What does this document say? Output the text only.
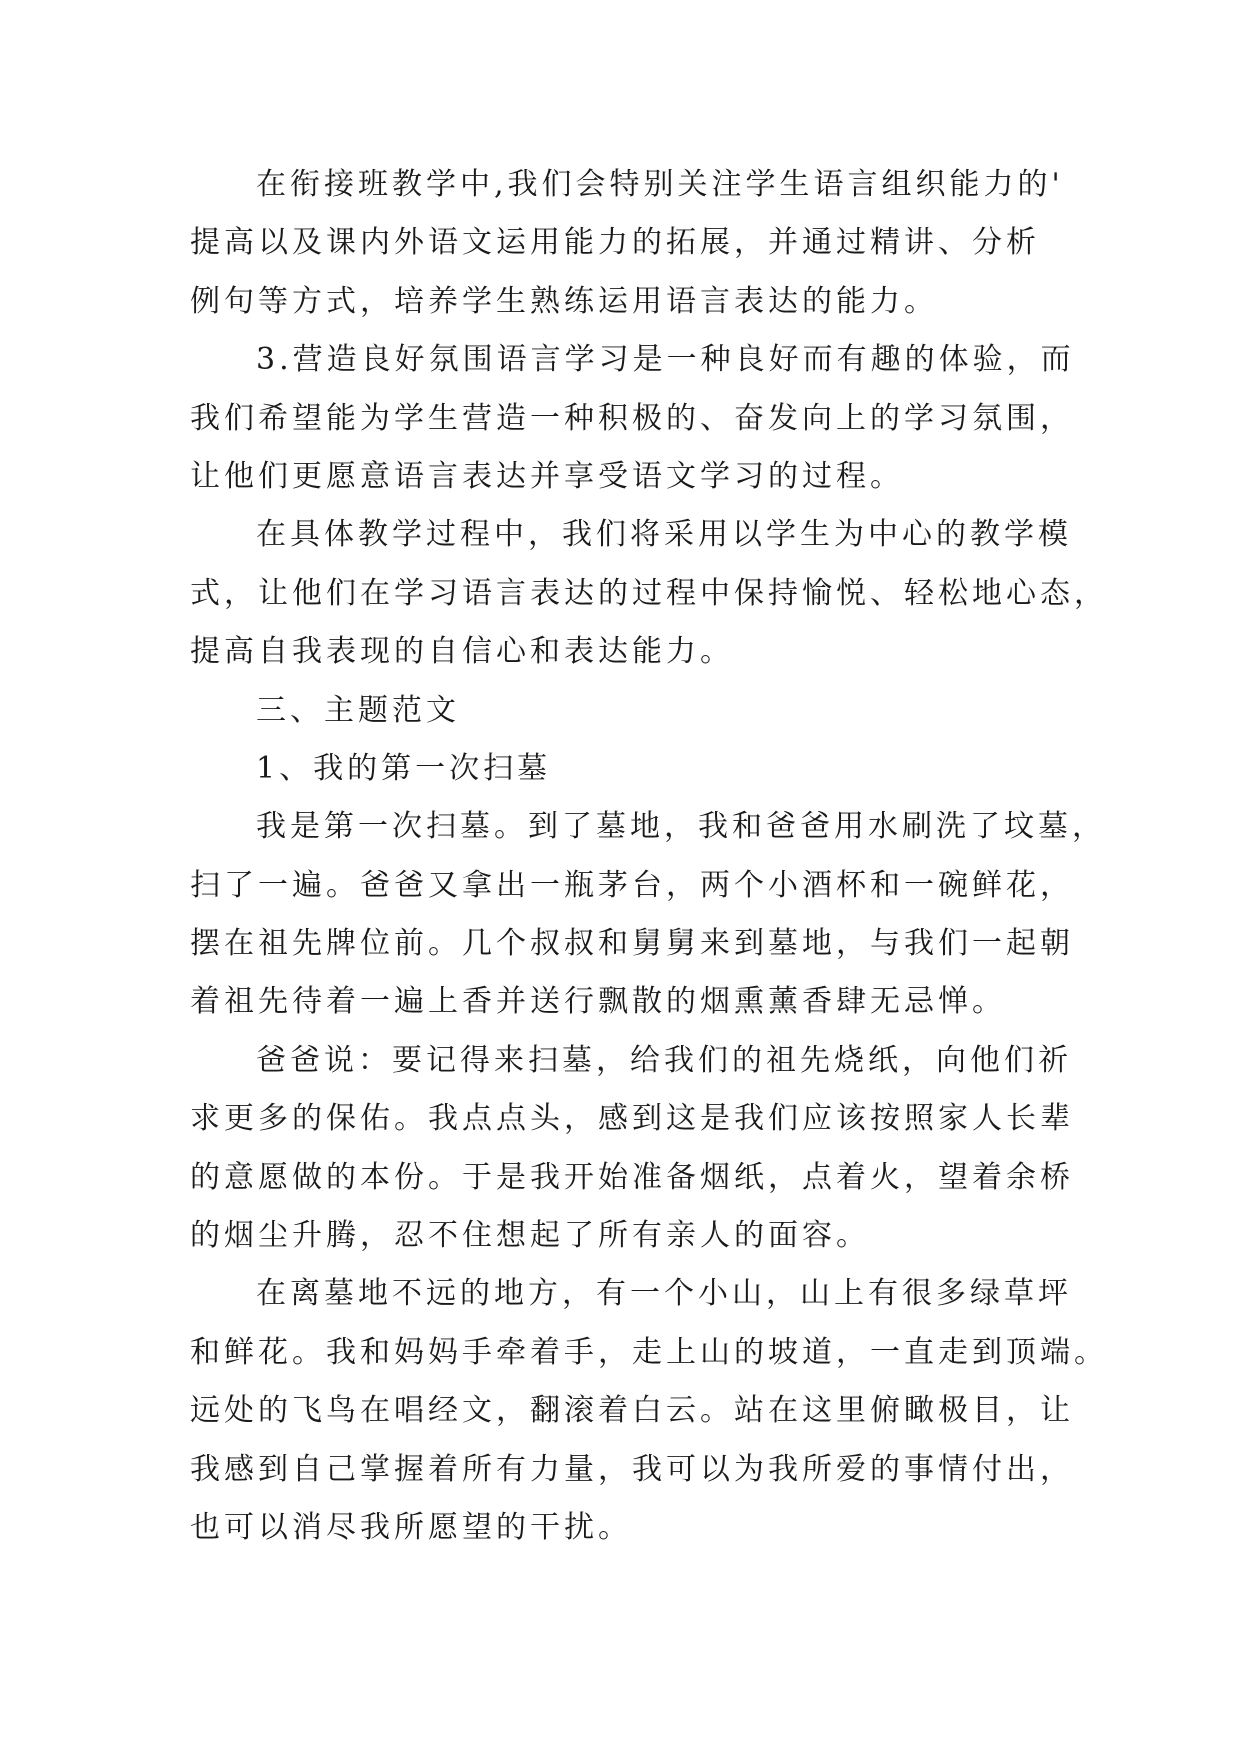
在衔接班教学中,我们会特别关注学生语言组织能力的'
提高以及课内外语文运用能力的拓展，并通过精讲、分析
例句等方式，培养学生熟练运用语言表达的能力。
3.营造良好氛围语言学习是一种良好而有趣的体验，而
我们希望能为学生营造一种积极的、奋发向上的学习氛围，
让他们更愿意语言表达并享受语文学习的过程。
在具体教学过程中，我们将采用以学生为中心的教学模
式，让他们在学习语言表达的过程中保持愉悦、轻松地心态，
提高自我表现的自信心和表达能力。
三、主题范文
1、我的第一次扫墓
我是第一次扫墓。到了墓地，我和爸爸用水刷洗了坟墓，
扫了一遍。爸爸又拿出一瓶茅台，两个小酒杯和一碗鲜花，
摆在祖先牌位前。几个叔叔和舅舅来到墓地，与我们一起朝
着祖先待着一遍上香并送行飘散的烟熏薰香肆无忌惮。
爸爸说：要记得来扫墓，给我们的祖先烧纸，向他们祈
求更多的保佑。我点点头，感到这是我们应该按照家人长辈
的意愿做的本份。于是我开始准备烟纸，点着火，望着余桥
的烟尘升腾，忍不住想起了所有亲人的面容。
在离墓地不远的地方，有一个小山，山上有很多绿草坪
和鲜花。我和妈妈手牵着手，走上山的坡道，一直走到顶端。
远处的飞鸟在唱经文，翻滚着白云。站在这里俯瞰极目，让
我感到自己掌握着所有力量，我可以为我所爱的事情付出，
也可以消尽我所愿望的干扰。
